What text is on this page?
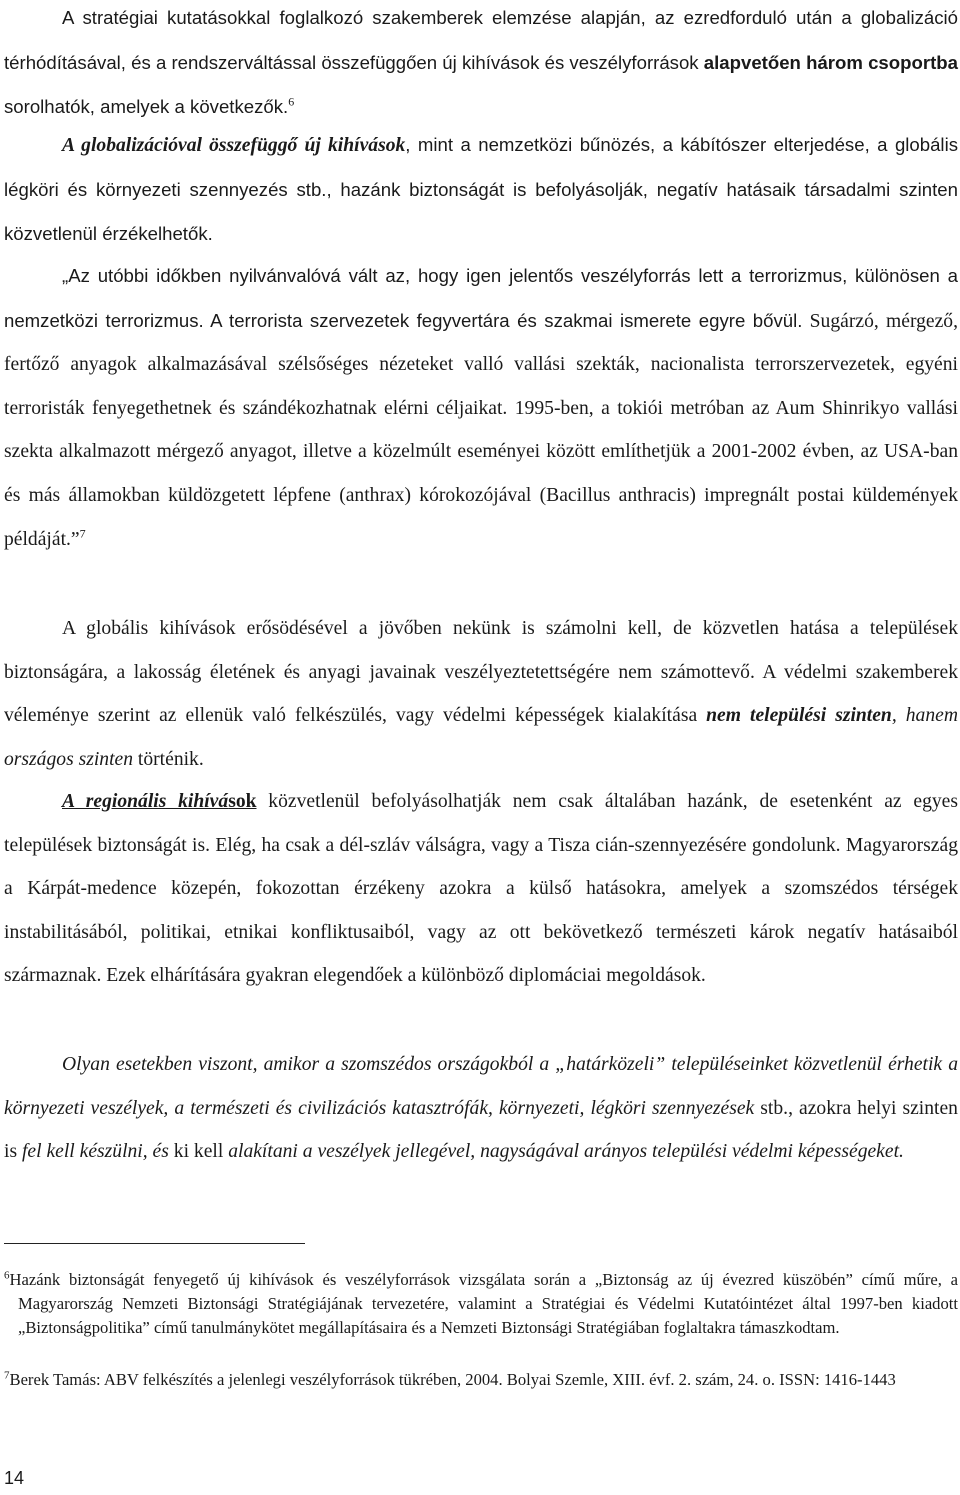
A stratégiai kutatásokkal foglalkozó szakemberek elemzése alapján, az ezredforduló után a globalizáció térhódításával, és a rendszerváltással összefüggően új kihívások és veszélyforrások alapvetően három csoportba sorolhatók, amelyek a következők.$^6$

A globalizációval összefüggő új kihívások, mint a nemzetközi bűnözés, a kábítószer elterjedése, a globális légköri és környezeti szennyezés stb., hazánk biztonságát is befolyásolják, negatív hatásaik társadalmi szinten közvetlenül érzékelhetők.

„Az utóbbi időkben nyilvánvalóvá vált az, hogy igen jelentős veszélyforrás lett a terrorizmus, különösen a nemzetközi terrorizmus. A terrorista szervezetek fegyvertára és szakmai ismerete egyre bővül. Sugárzó, mérgező, fertőző anyagok alkalmazásával szélsőséges nézeteket valló vallási szekták, nacionalista terrorszervezetek, egyéni terroristák fenyegethetnek és szándékozhatnak elérni céljaikat. 1995-ben, a tokiói metróban az Aum Shinrikyo vallási szekta alkalmazott mérgező anyagot, illetve a közelmúlt eseményei között említhetjük a 2001-2002 évben, az USA-ban és más államokban küldözgetett lépfene (anthrax) kórokozójával (Bacillus anthracis) impregnált postai küldemények példáját.”$^7$

A globális kihívások erősödésével a jövőben nekünk is számolni kell, de közvetlen hatása a települések biztonságára, a lakosság életének és anyagi javainak veszélyeztetettségére nem számottevő. A védelmi szakemberek véleménye szerint az ellenük való felkészülés, vagy védelmi képességek kialakítása nem települési szinten, hanem országos szinten történik.

A regionális kihívások közvetlenül befolyásolhatják nem csak általában hazánk, de esetenként az egyes települések biztonságát is. Elég, ha csak a dél-szláv válságra, vagy a Tisza cián-szennyezésére gondolunk. Magyarország a Kárpát-medence közepén, fokozottan érzékeny azokra a külső hatásokra, amelyek a szomszédos térségek instabilitásából, politikai, etnikai konfliktusaiból, vagy az ott bekövetkező természeti károk negatív hatásaiból származnak. Ezek elhárítására gyakran elegendőek a különböző diplomáciai megoldások.

Olyan esetekben viszont, amikor a szomszédos országokból a „határközeli” településeinket közvetlenül érhetik a környezeti veszélyek, a természeti és civilizációs katasztrófák, környezeti, légköri szennyezések stb., azokra helyi szinten is fel kell készülni, és ki kell alakítani a veszélyek jellegével, nagyságával arányos települési védelmi képességeket.

$^6$Hazánk biztonságát fenyegető új kihívások és veszélyforrások vizsgálata során a „Biztonság az új évezred küszöbén” című műre, a Magyarország Nemzeti Biztonsági Stratégiájának tervezetére, valamint a Stratégiai és Védelmi Kutatóintézet által 1997-ben kiadott „Biztonságpolitika” című tanulmánykötet megállapításaira és a Nemzeti Biztonsági Stratégiában foglaltakra támaszkodtam.

$^7$Berek Tamás: ABV felkészítés a jelenlegi veszélyforrások tükrében, 2004. Bolyai Szemle, XIII. évf. 2. szám, 24. o. ISSN: 1416-1443

14
